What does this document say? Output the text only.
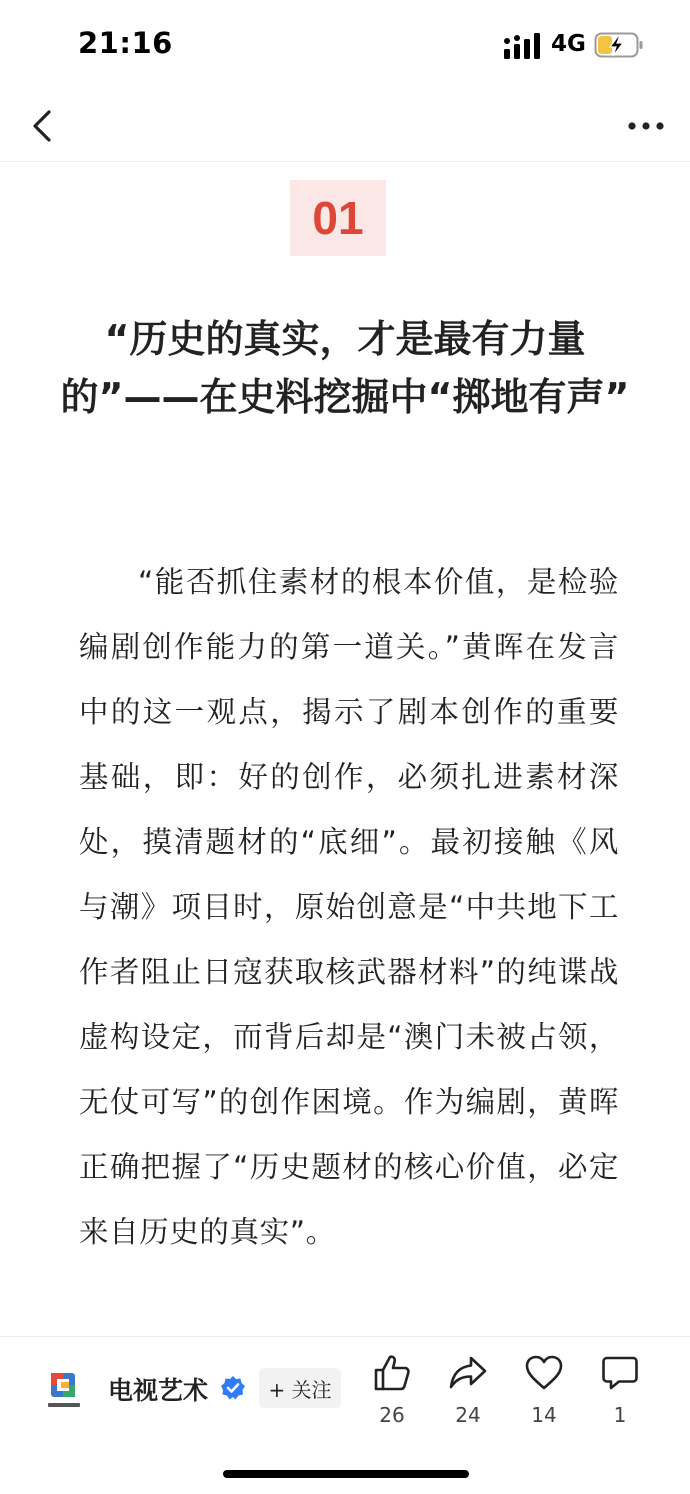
21:16	4G
01
“历史的真实，才是最有力量的”——在史料挖掘中“掷地有声”
“能否抓住素材的根本价值，是检验编剧创作能力的第一道关。”黄晖在发言中的这一观点，揭示了剧本创作的重要基础，即：好的创作，必须扎进素材深处，摸清题材的“底细”。最初接触《风与潮》项目时，原始创意是“中共地下工作者阻止日寇获取核武器材料”的纯谍战虚构设定，而背后却是“澳门未被占领，无仗可写”的创作困境。作为编剧，黄晖正确把握了“历史题材的核心价值，必定来自历史的真实”。
电视艺术	+ 关注
26	24	14	1
